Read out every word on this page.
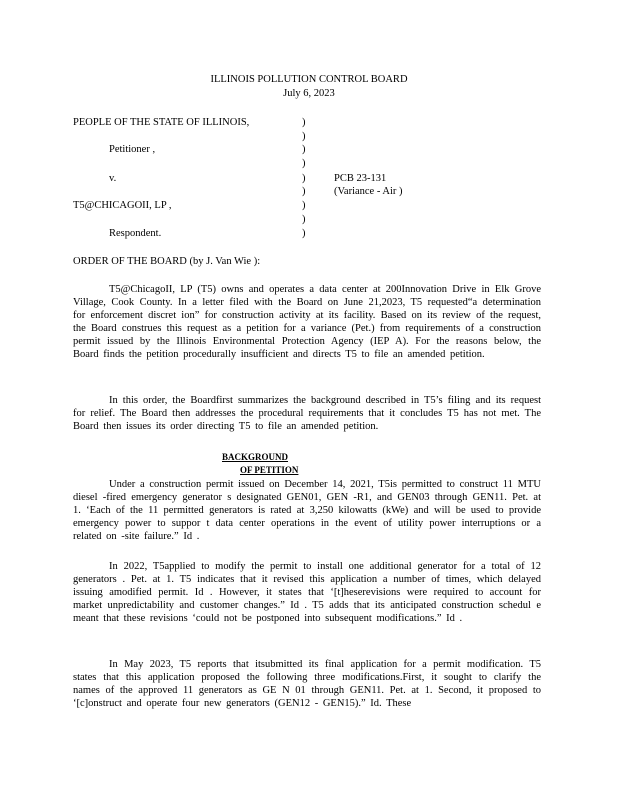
ILLINOIS POLLUTION CONTROL BOARD
July 6, 2023
PEOPLE OF THE STATE OF ILLINOIS,
Petitioner ,
v.
T5@CHICAGOII, LP ,
Respondent.
)
)
)
)
)
)
)
)
)
PCB 23-131
(Variance - Air )
ORDER OF THE BOARD (by J. Van Wie ):
T5@ChicagoII, LP (T5) owns and operates a data center at 200Innovation Drive in Elk Grove Village, Cook County. In a letter filed with the Board on June 21,2023, T5 requested“a determination for enforcement discret ion” for construction activity at its facility. Based on its review of the request, the Board construes this request as a petition for a variance (Pet.) from requirements of a construction permit issued by the Illinois Environmental Protection Agency (IEP A). For the reasons below, the Board finds the petition procedurally insufficient and directs T5 to file an amended petition.
In this order, the Boardfirst summarizes the background described in T5’s filing and its request for relief. The Board then addresses the procedural requirements that it concludes T5 has not met. The Board then issues its order directing T5 to file an amended petition.
BACKGROUND OF PETITION
Under a construction permit issued on December 14, 2021, T5is permitted to construct 11 MTU diesel -fired emergency generator s designated GEN01, GEN -R1, and GEN03 through GEN11. Pet. at 1. ‘Each of the 11 permitted generators is rated at 3,250 kilowatts (kWe) and will be used to provide emergency power to suppor t data center operations in the event of utility power interruptions or a related on -site failure.” Id .
In 2022, T5applied to modify the permit to install one additional generator for a total of 12 generators . Pet. at 1. T5 indicates that it revised this application a number of times, which delayed issuing amodified permit. Id . However, it states that ‘[t]heserevisions were required to account for market unpredictability and customer changes.” Id . T5 adds that its anticipated construction schedul e meant that these revisions ‘could not be postponed into subsequent modifications.” Id .
In May 2023, T5 reports that itsubmitted its final application for a permit modification. T5 states that this application proposed the following three modifications.First, it sought to clarify the names of the approved 11 generators as GE N 01 through GEN11. Pet. at 1. Second, it proposed to ‘[c]onstruct and operate four new generators (GEN12 - GEN15).” Id. These
